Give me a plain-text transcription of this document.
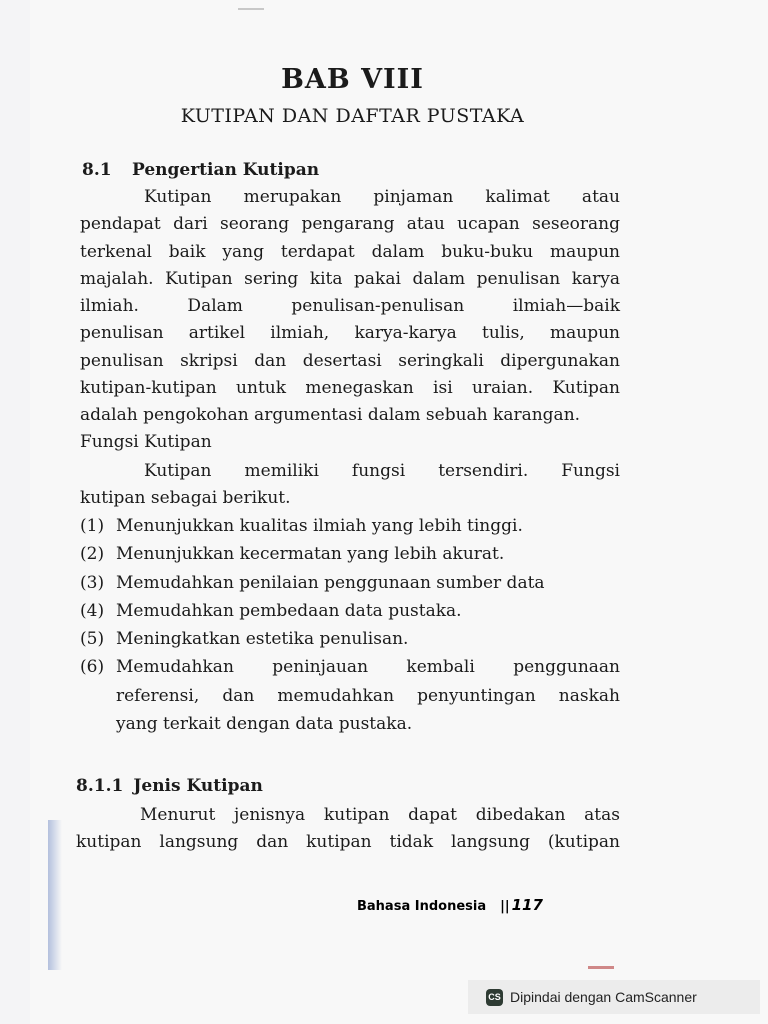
BAB VIII
KUTIPAN DAN DAFTAR PUSTAKA
8.1 Pengertian Kutipan
Kutipan merupakan pinjaman kalimat atau
pendapat dari seorang pengarang atau ucapan seseorang
terkenal baik yang terdapat dalam buku-buku maupun
majalah. Kutipan sering kita pakai dalam penulisan karya
ilmiah. Dalam penulisan-penulisan ilmiah—baik
penulisan artikel ilmiah, karya-karya tulis, maupun
penulisan skripsi dan desertasi seringkali dipergunakan
kutipan-kutipan untuk menegaskan isi uraian. Kutipan
adalah pengokohan argumentasi dalam sebuah karangan.
Fungsi Kutipan
Kutipan memiliki fungsi tersendiri. Fungsi
kutipan sebagai berikut.
(1) Menunjukkan kualitas ilmiah yang lebih tinggi.
(2) Menunjukkan kecermatan yang lebih akurat.
(3) Memudahkan penilaian penggunaan sumber data
(4) Memudahkan pembedaan data pustaka.
(5) Meningkatkan estetika penulisan.
(6) Memudahkan peninjauan kembali penggunaan
referensi, dan memudahkan penyuntingan naskah
yang terkait dengan data pustaka.
8.1.1 Jenis Kutipan
Menurut jenisnya kutipan dapat dibedakan atas
kutipan langsung dan kutipan tidak langsung (kutipan
Bahasa Indonesia || 117
CS Dipindai dengan CamScanner
